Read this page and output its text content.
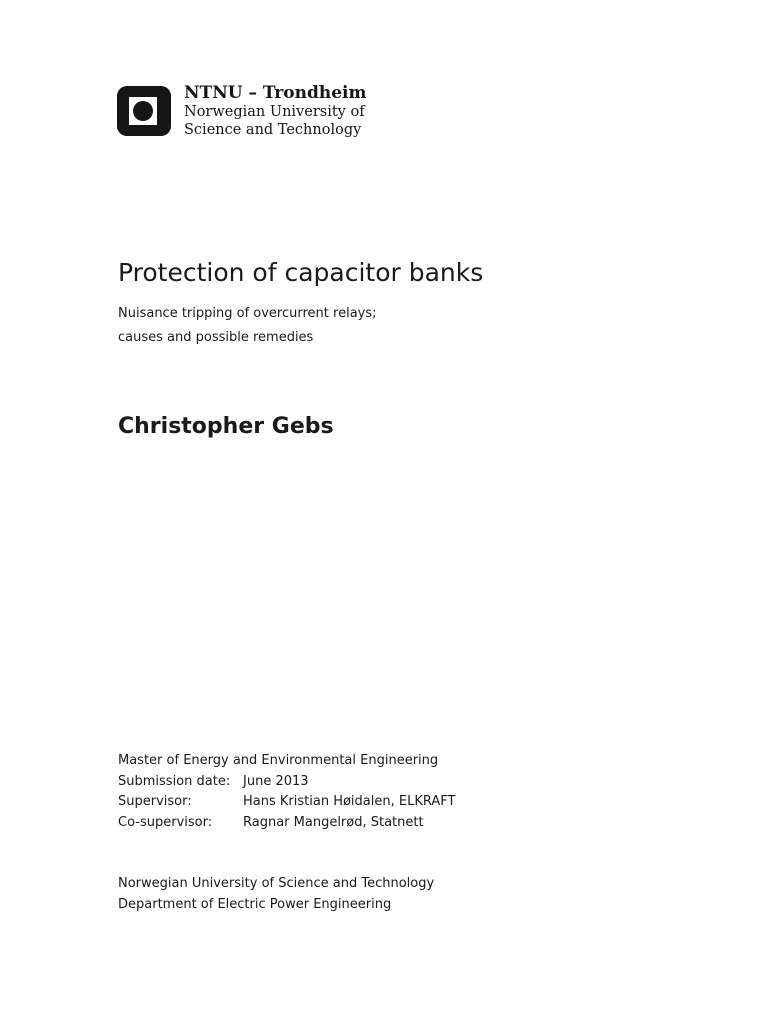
NTNU – Trondheim
Norwegian University of
Science and Technology
Protection of capacitor banks
Nuisance tripping of overcurrent relays;
causes and possible remedies
Christopher Gebs
Master of Energy and Environmental Engineering
Submission date: June 2013
Supervisor:	Hans Kristian Høidalen, ELKRAFT
Co-supervisor:	Ragnar Mangelrød, Statnett
Norwegian University of Science and Technology
Department of Electric Power Engineering
